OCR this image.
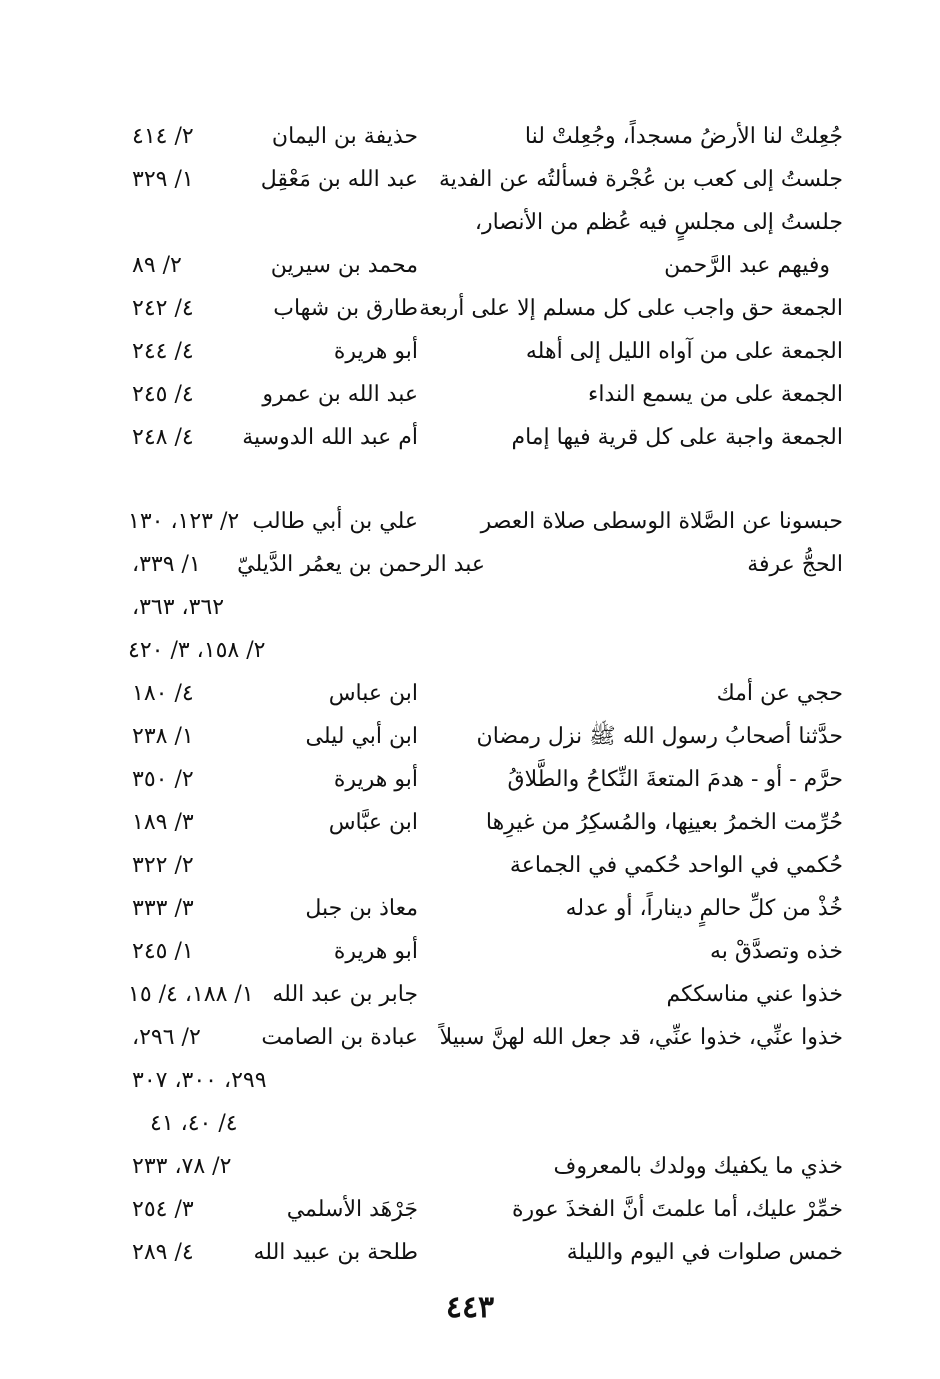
جُعِلتْ لنا الأرضُ مسجداً، وجُعِلتْ لنا
حذيفة بن اليمان
٢/ ٤١٤
جلستُ إلى كعب بن عُجْرة فسألتُه عن الفدية
عبد الله بن مَعْقِل
١/ ٣٢٩
جلستُ إلى مجلسٍ فيه عُظم من الأنصار،
وفيهم عبد الرَّحمن
محمد بن سيرين
٢/ ٨٩
الجمعة حق واجب على كل مسلم إلا على أربعة
طارق بن شهاب
٤/ ٢٤٢
الجمعة على من آواه الليل إلى أهله
أبو هريرة
٤/ ٢٤٤
الجمعة على من يسمع النداء
عبد الله بن عمرو
٤/ ٢٤٥
الجمعة واجبة على كل قرية فيها إمام
أم عبد الله الدوسية
٤/ ٢٤٨
حبسونا عن الصَّلاة الوسطى صلاة العصر
علي بن أبي طالب
٢/ ١٢٣، ١٣٠
الحجُّ عرفة
عبد الرحمن بن يعمُر الدَّيليّ
١/ ٣٣٩،
٣٦٢، ٣٦٣،
٢/ ١٥٨، ٣/ ٤٢٠
حجي عن أمك
ابن عباس
٤/ ١٨٠
حدَّثنا أصحابُ رسول الله ﷺ نزل رمضان
ابن أبي ليلى
١/ ٢٣٨
حرَّم - أو - هدمَ المتعةَ النِّكاحُ والطَّلاقُ
أبو هريرة
٢/ ٣٥٠
حُرِّمت الخمرُ بعينِها، والمُسكِرُ من غيرِها
ابن عبَّاس
٣/ ١٨٩
حُكمي في الواحد حُكمي في الجماعة
٢/ ٣٢٢
خُذْ من كلِّ حالمٍ ديناراً، أو عدله
معاذ بن جبل
٣/ ٣٣٣
خذه وتصدَّقْ به
أبو هريرة
١/ ٢٤٥
خذوا عني مناسككم
جابر بن عبد الله
١/ ١٨٨، ٤/ ١٥
خذوا عنِّي، خذوا عنِّي، قد جعل الله لهنَّ سبيلاً
عبادة بن الصامت
٢/ ٢٩٦،
٢٩٩، ٣٠٠، ٣٠٧
٤/ ٤٠، ٤١
خذي ما يكفيك وولدك بالمعروف
٢/ ٧٨، ٢٣٣
خمِّرْ عليك، أما علمتَ أنَّ الفخذَ عورة
جَرْهَد الأسلمي
٣/ ٢٥٤
خمس صلوات في اليوم والليلة
طلحة بن عبيد الله
٤/ ٢٨٩
٤٤٣
